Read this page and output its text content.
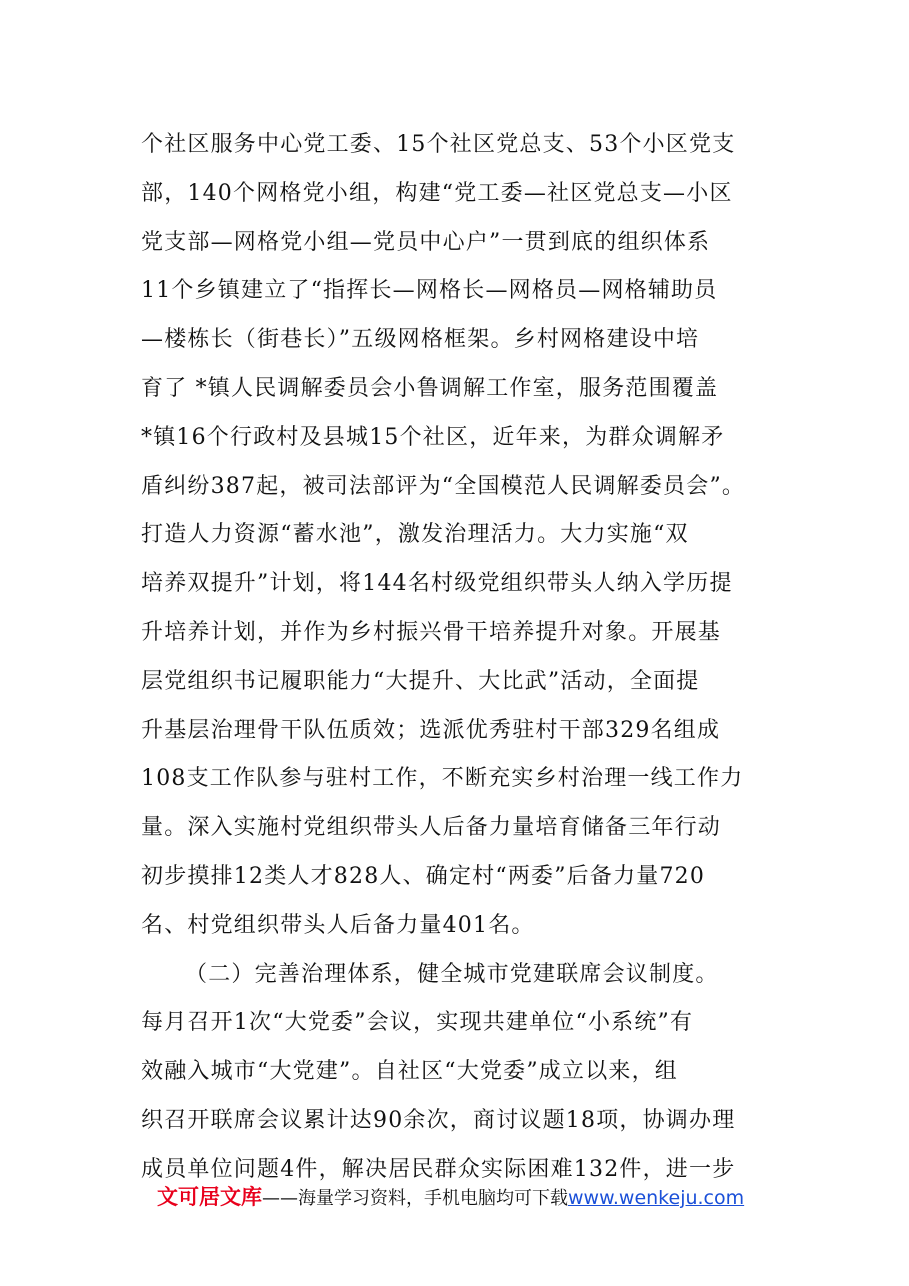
个社区服务中心党工委、15个社区党总支、53个小区党支
部，140个网格党小组，构建“党工委—社区党总支—小区
党支部—网格党小组—党员中心户”一贯到底的组织体系
11个乡镇建立了“指挥长—网格长—网格员—网格辅助员
—楼栋长（街巷长）”五级网格框架。乡村网格建设中培
育了 *镇人民调解委员会小鲁调解工作室，服务范围覆盖
*镇16个行政村及县城15个社区，近年来，为群众调解矛
盾纠纷387起，被司法部评为“全国模范人民调解委员会”。
打造人力资源“蓄水池”，激发治理活力。大力实施“双
培养双提升”计划，将144名村级党组织带头人纳入学历提
升培养计划，并作为乡村振兴骨干培养提升对象。开展基
层党组织书记履职能力“大提升、大比武”活动，全面提
升基层治理骨干队伍质效；选派优秀驻村干部329名组成
108支工作队参与驻村工作，不断充实乡村治理一线工作力
量。深入实施村党组织带头人后备力量培育储备三年行动
初步摸排12类人才828人、确定村“两委”后备力量720
名、村党组织带头人后备力量401名。
（二）完善治理体系，健全城市党建联席会议制度。
每月召开1次“大党委”会议，实现共建单位“小系统”有
效融入城市“大党建”。自社区“大党委”成立以来，组
织召开联席会议累计达90余次，商讨议题18项，协调办理
成员单位问题4件，解决居民群众实际困难132件，进一步
文可居文库——海量学习资料，手机电脑均可下载www.wenkeju.com
